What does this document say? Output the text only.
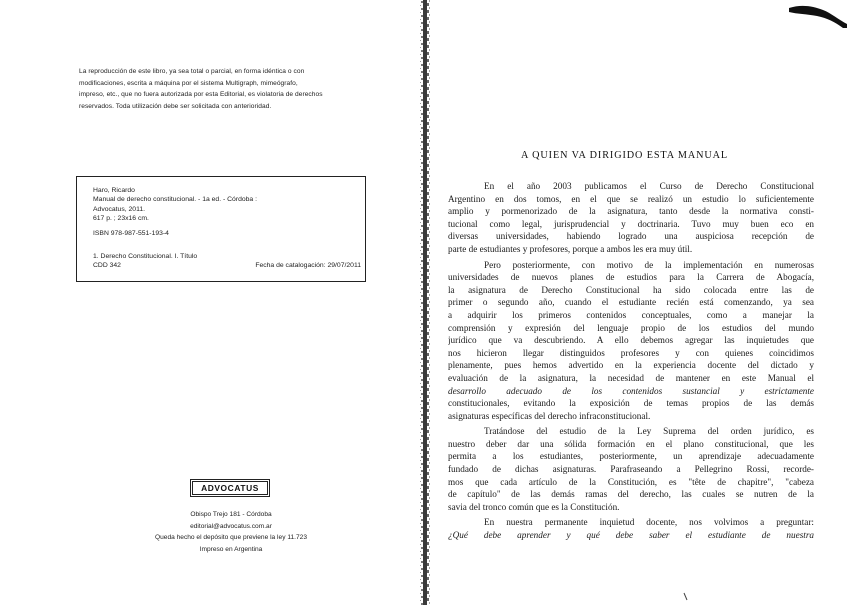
La reproducción de este libro, ya sea total o parcial, en forma idéntica o con
modificaciones, escrita a máquina por el sistema Multigraph, mimeógrafo,
impreso, etc., que no fuera autorizada por esta Editorial, es violatoria de derechos
reservados. Toda utilización debe ser solicitada con anterioridad.
Haro, Ricardo
Manual de derecho constitucional. - 1a ed. - Córdoba :
Advocatus, 2011.
617 p. ; 23x16 cm.
ISBN 978-987-551-193-4
1. Derecho Constitucional. I. Título
CDD 342	Fecha de catalogación: 29/07/2011
ADVOCATUS
Obispo Trejo 181 - Córdoba
editorial@advocatus.com.ar
Queda hecho el depósito que previene la ley 11.723
Impreso en Argentina
A QUIEN VA DIRIGIDO ESTA MANUAL
En el año 2003 publicamos el Curso de Derecho Constitucional
Argentino en dos tomos, en el que se realizó un estudio lo suficientemente
amplio y pormenorizado de la asignatura, tanto desde la normativa consti-
tucional como legal, jurisprudencial y doctrinaria. Tuvo muy buen eco en
diversas universidades, habiendo logrado una auspiciosa recepción de
parte de estudiantes y profesores, porque a ambos les era muy útil.
Pero posteriormente, con motivo de la implementación en numerosas
universidades de nuevos planes de estudios para la Carrera de Abogacía,
la asignatura de Derecho Constitucional ha sido colocada entre las de
primer o segundo año, cuando el estudiante recién está comenzando, ya sea
a adquirir los primeros contenidos conceptuales, como a manejar la
comprensión y expresión del lenguaje propio de los estudios del mundo
jurídico que va descubriendo. A ello debemos agregar las inquietudes que
nos hicieron llegar distinguidos profesores y con quienes coincidimos
plenamente, pues hemos advertido en la experiencia docente del dictado y
evaluación de la asignatura, la necesidad de mantener en este Manual el
desarrollo adecuado de los contenidos sustancial y estrictamente
constitucionales, evitando la exposición de temas propios de las demás
asignaturas específicas del derecho infraconstitucional.
Tratándose del estudio de la Ley Suprema del orden jurídico, es
nuestro deber dar una sólida formación en el plano constitucional, que les
permita a los estudiantes, posteriormente, un aprendizaje adecuadamente
fundado de dichas asignaturas. Parafraseando a Pellegrino Rossi, recorde-
mos que cada artículo de la Constitución, es "tête de chapitre", "cabeza
de capítulo" de las demás ramas del derecho, las cuales se nutren de la
savia del tronco común que es la Constitución.
En nuestra permanente inquietud docente, nos volvimos a preguntar:
¿Qué debe aprender y qué debe saber el estudiante de nuestra
